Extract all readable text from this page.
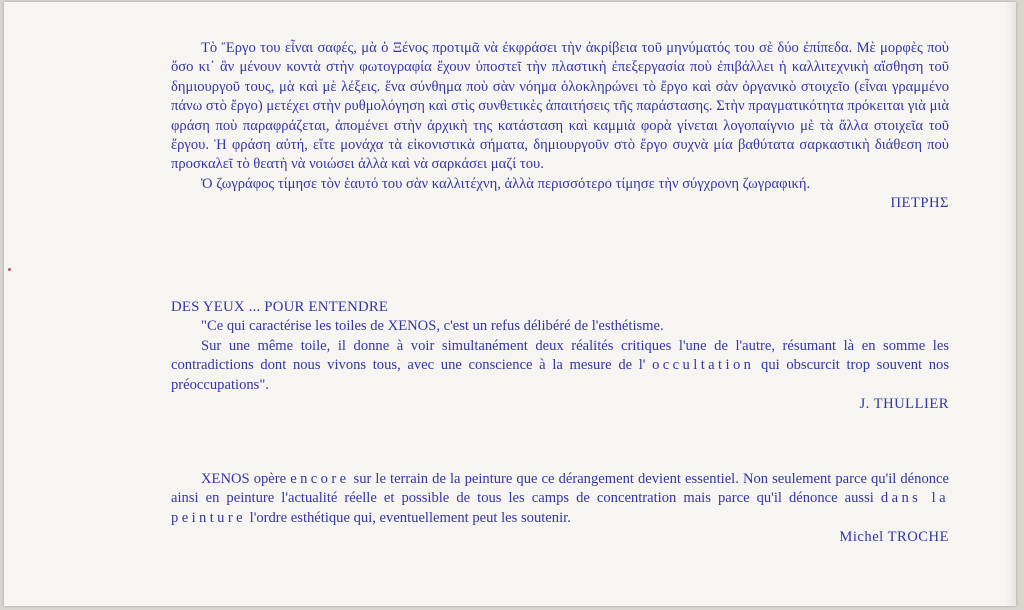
Τὸ Ἔργο του εἶναι σαφές, μὰ ὁ Ξένος προτιμᾶ νὰ ἐκφράσει τὴν ἀκρίβεια τοῦ μηνύματός του σὲ δύο ἐπίπεδα. Μὲ μορφὲς ποὺ ὅσο κι᾽ ἂν μένουν κοντὰ στὴν φωτογραφία ἔχουν ὑποστεῖ τὴν πλαστικὴ ἐπεξεργασία ποὺ ἐπιβάλλει ἡ καλλιτεχνικὴ αἴσθηση τοῦ δημιουργοῦ τους, μὰ καὶ μὲ λέξεις. ἕνα σύνθημα ποὺ σὰν νόημα ὁλοκληρώνει τὸ ἔργο καὶ σὰν ὀργανικὸ στοιχεῖο (εἶναι γραμμένο πάνω στὸ ἔργο) μετέχει στὴν ρυθμολόγηση καὶ στὶς συνθετικὲς ἀπαιτήσεις τῆς παράστασης. Στὴν πραγματικότητα πρόκειται γιὰ μιὰ φράση ποὺ παραφράζεται, ἀπομένει στὴν ἀρχικὴ της κατάσταση καὶ καμμιὰ φορὰ γίνεται λογοπαίγνιο μὲ τὰ ἄλλα στοιχεῖα τοῦ ἔργου. Ἡ φράση αὐτή, εἴτε μονάχα τὰ εἰκονιστικὰ σήματα, δημιουργοῦν στὸ ἔργο συχνὰ μία βαθύτατα σαρκαστικὴ διάθεση ποὺ προσκαλεῖ τὸ θεατὴ νὰ νοιώσει ἀλλὰ καὶ νὰ σαρκάσει μαζί του.

Ὁ ζωγράφος τίμησε τὸν ἑαυτό του σὰν καλλιτέχνη, ἀλλὰ περισσότερο τίμησε τὴν σύγχρονη ζωγραφική.

ΠΕΤΡΗΣ

DES YEUX ... POUR ENTENDRE

"Ce qui caractérise les toiles de XENOS, c'est un refus délibéré de l'esthétisme.

Sur une même toile, il donne à voir simultanément deux réalités critiques l'une de l'autre, résumant là en somme les contradictions dont nous vivons tous, avec une conscience à la mesure de l' occultation qui obscurcit trop souvent nos préoccupations".

J. THULLIER

XENOS opère encore sur le terrain de la peinture que ce dérangement devient essentiel. Non seulement parce qu'il dénonce ainsi en peinture l'actualité réelle et possible de tous les camps de concentration mais parce qu'il dénonce aussi dans la peinture l'ordre esthétique qui, eventuellement peut les soutenir.

Michel TROCHE
